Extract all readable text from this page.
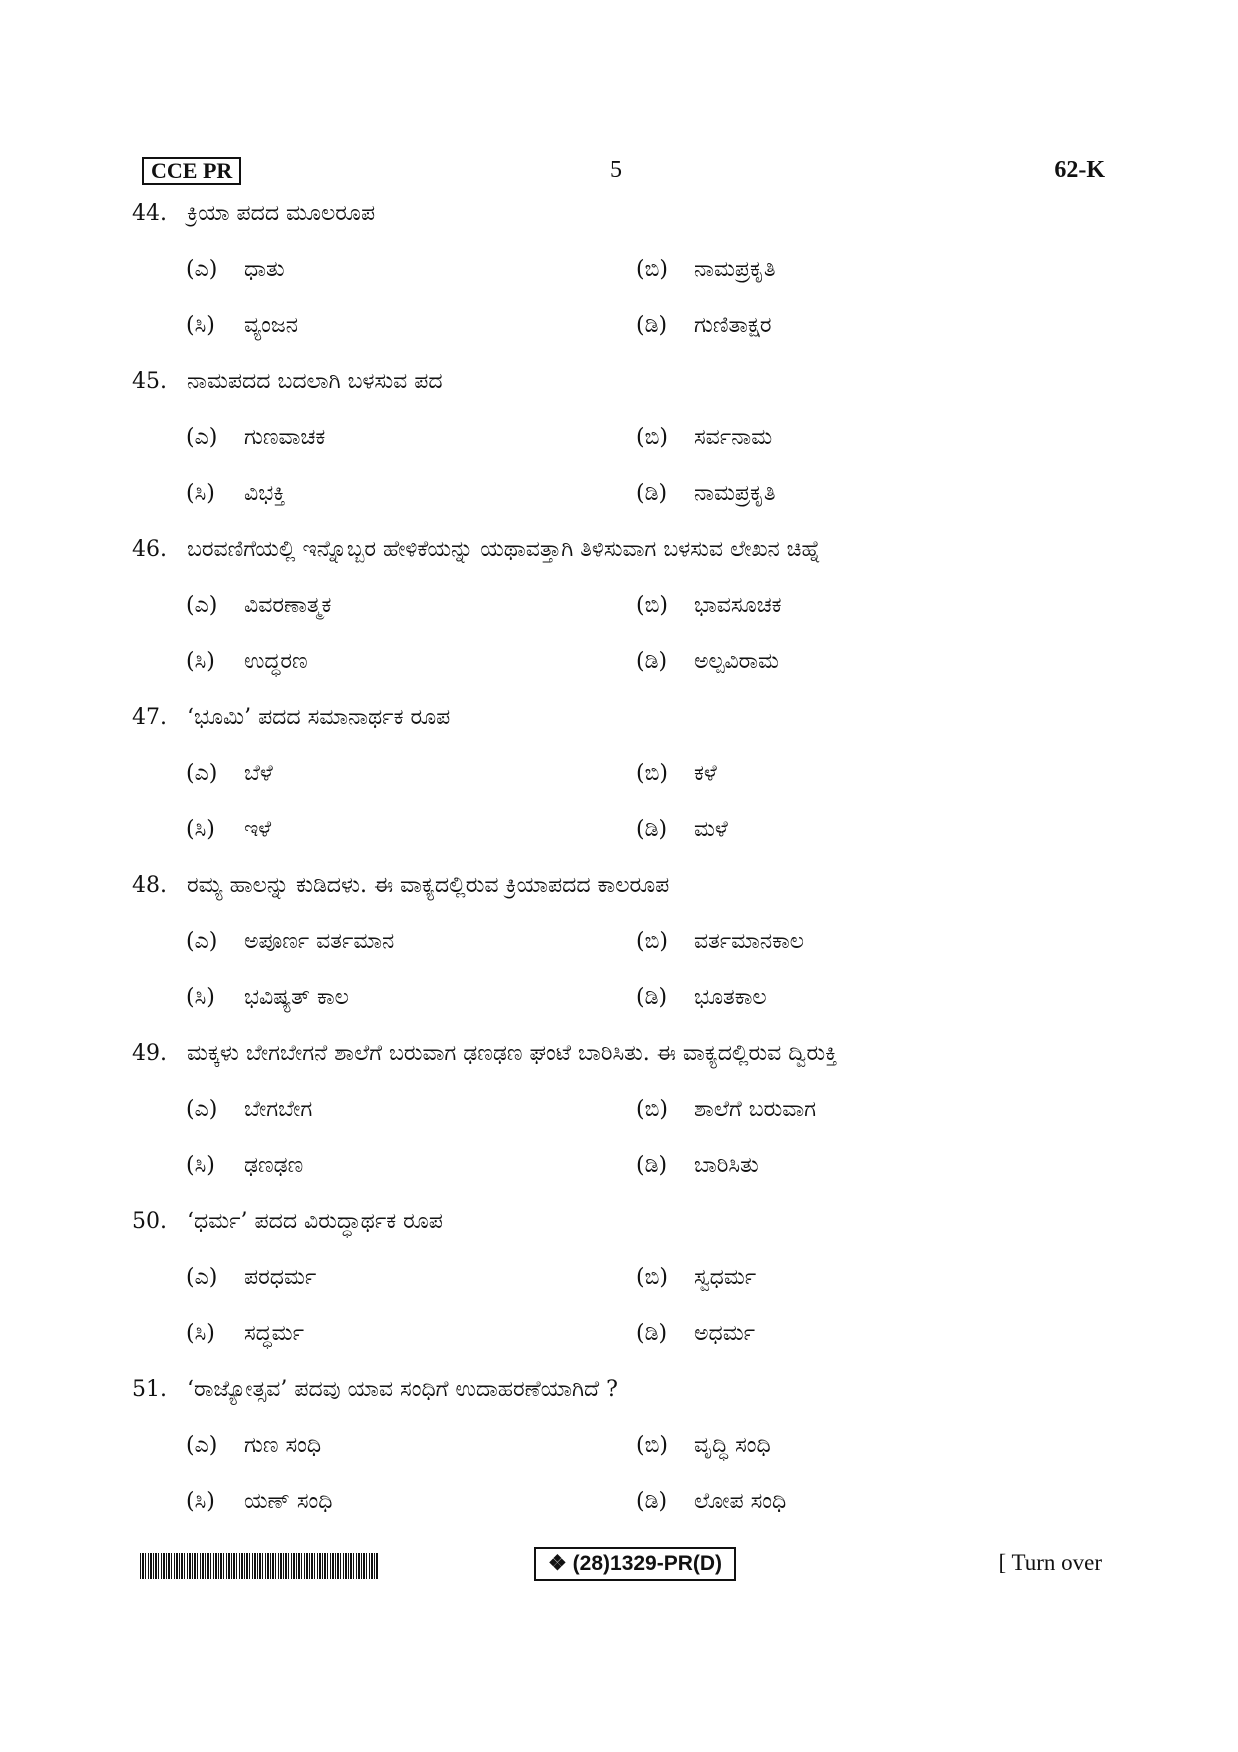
CCE PR	5	62-K
44. ಕ್ರಿಯಾ ಪದದ ಮೂಲರೂಪ
(ಎ) ಧಾತು	(ಬಿ) ನಾಮಪ್ರಕೃತಿ
(ಸಿ) ವ್ಯಂಜನ	(ಡಿ) ಗುಣಿತಾಕ್ಷರ
45. ನಾಮಪದದ ಬದಲಾಗಿ ಬಳಸುವ ಪದ
(ಎ) ಗುಣವಾಚಕ	(ಬಿ) ಸರ್ವನಾಮ
(ಸಿ) ವಿಭಕ್ತಿ	(ಡಿ) ನಾಮಪ್ರಕೃತಿ
46. ಬರವಣಿಗೆಯಲ್ಲಿ ಇನ್ನೊಬ್ಬರ ಹೇಳಿಕೆಯನ್ನು ಯಥಾವತ್ತಾಗಿ ತಿಳಿಸುವಾಗ ಬಳಸುವ ಲೇಖನ ಚಿಹ್ನೆ
(ಎ) ವಿವರಣಾತ್ಮಕ	(ಬಿ) ಭಾವಸೂಚಕ
(ಸಿ) ಉದ್ಧರಣ	(ಡಿ) ಅಲ್ಪವಿರಾಮ
47. ‘ಭೂಮಿ’ ಪದದ ಸಮಾನಾರ್ಥಕ ರೂಪ
(ಎ) ಬೆಳೆ	(ಬಿ) ಕಳೆ
(ಸಿ) ಇಳೆ	(ಡಿ) ಮಳೆ
48. ರಮ್ಯ ಹಾಲನ್ನು ಕುಡಿದಳು. ಈ ವಾಕ್ಯದಲ್ಲಿರುವ ಕ್ರಿಯಾಪದದ ಕಾಲರೂಪ
(ಎ) ಅಪೂರ್ಣ ವರ್ತಮಾನ	(ಬಿ) ವರ್ತಮಾನಕಾಲ
(ಸಿ) ಭವಿಷ್ಯತ್ ಕಾಲ	(ಡಿ) ಭೂತಕಾಲ
49. ಮಕ್ಕಳು ಬೇಗಬೇಗನೆ ಶಾಲೆಗೆ ಬರುವಾಗ ಢಣಢಣ ಘಂಟೆ ಬಾರಿಸಿತು. ಈ ವಾಕ್ಯದಲ್ಲಿರುವ ದ್ವಿರುಕ್ತಿ
(ಎ) ಬೇಗಬೇಗ	(ಬಿ) ಶಾಲೆಗೆ ಬರುವಾಗ
(ಸಿ) ಢಣಢಣ	(ಡಿ) ಬಾರಿಸಿತು
50. ‘ಧರ್ಮ’ ಪದದ ವಿರುದ್ಧಾರ್ಥಕ ರೂಪ
(ಎ) ಪರಧರ್ಮ	(ಬಿ) ಸ್ವಧರ್ಮ
(ಸಿ) ಸದ್ಧರ್ಮ	(ಡಿ) ಅಧರ್ಮ
51. ‘ರಾಜ್ಯೋತ್ಸವ’ ಪದವು ಯಾವ ಸಂಧಿಗೆ ಉದಾಹರಣೆಯಾಗಿದೆ ?
(ಎ) ಗುಣ ಸಂಧಿ	(ಬಿ) ವೃದ್ಧಿ ಸಂಧಿ
(ಸಿ) ಯಣ್ ಸಂಧಿ	(ಡಿ) ಲೋಪ ಸಂಧಿ
❖ (28)1329-PR(D)	[ Turn over
